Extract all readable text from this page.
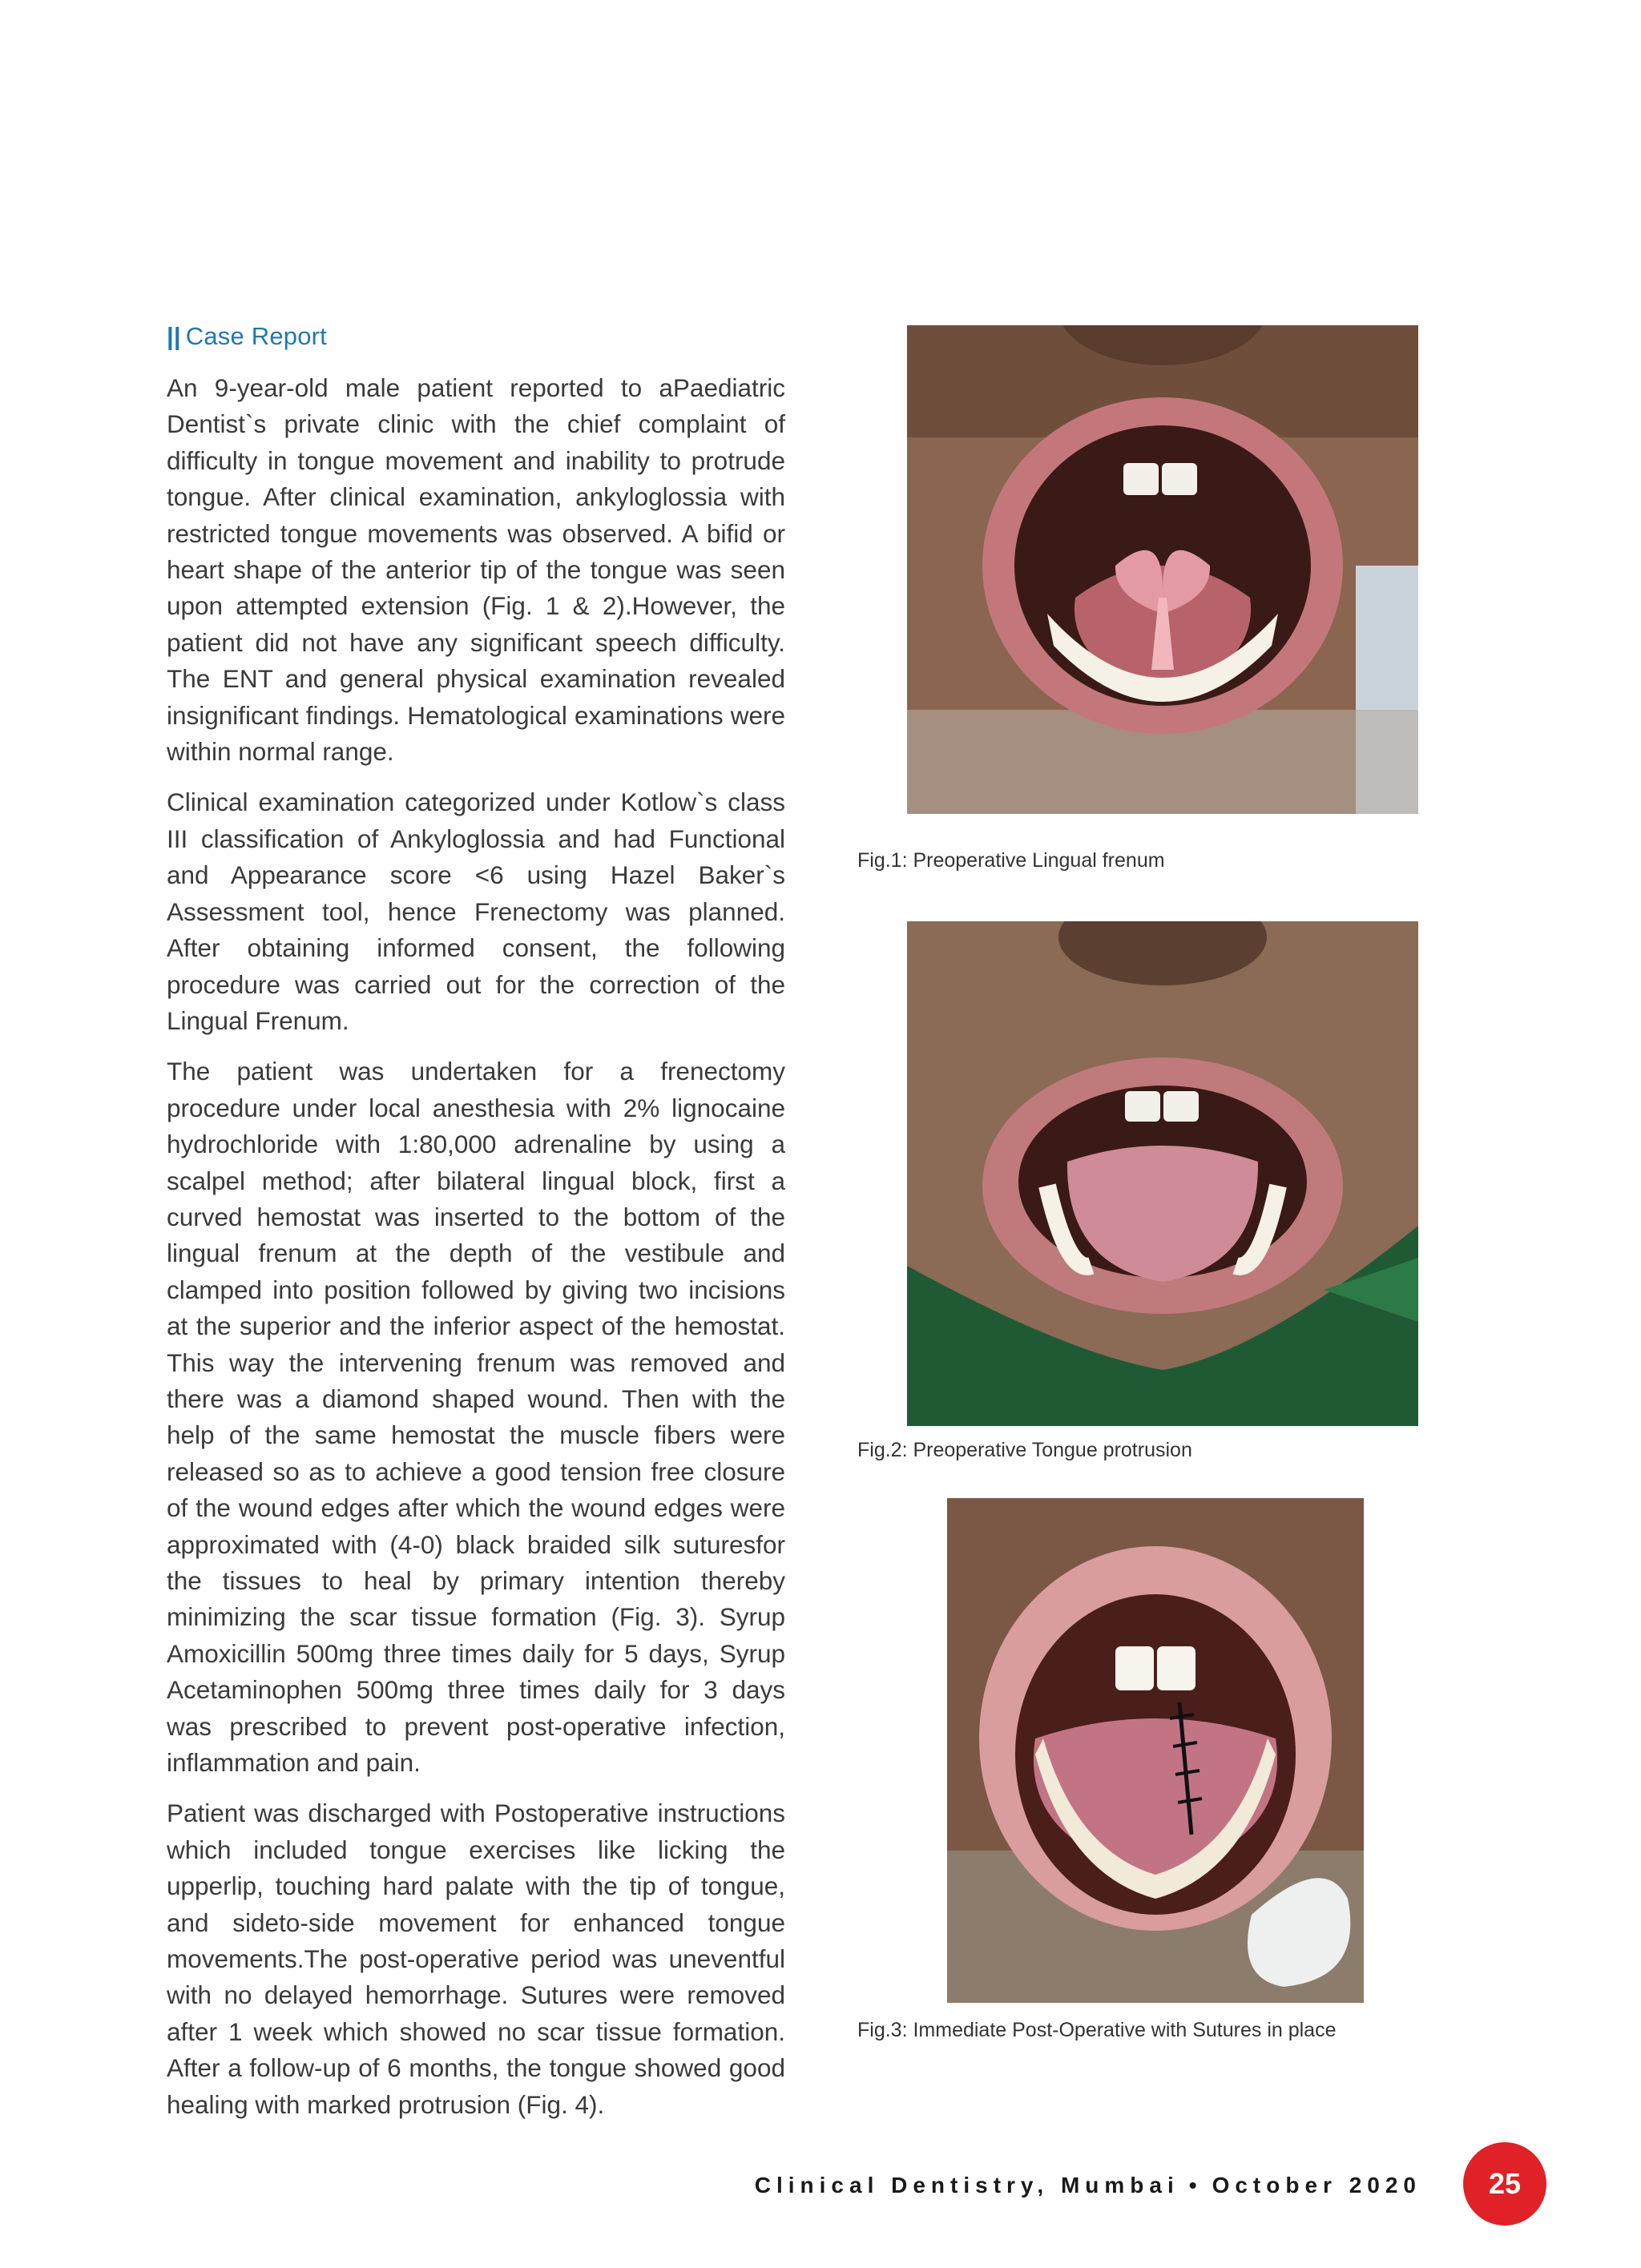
|| Case Report

An 9-year-old male patient reported to aPaediatric Dentist`s private clinic with the chief complaint of difficulty in tongue movement and inability to protrude tongue. After clinical examination, ankyloglossia with restricted tongue movements was observed. A bifid or heart shape of the anterior tip of the tongue was seen upon attempted extension (Fig. 1 & 2).However, the patient did not have any significant speech difficulty. The ENT and general physical examination revealed insignificant findings. Hematological examinations were within normal range.

Clinical examination categorized under Kotlow`s class III classification of Ankyloglossia and had Functional and Appearance score <6 using Hazel Baker`s Assessment tool, hence Frenectomy was planned. After obtaining informed consent, the following procedure was carried out for the correction of the Lingual Frenum.

The patient was undertaken for a frenectomy procedure under local anesthesia with 2% lignocaine hydrochloride with 1:80,000 adrenaline by using a scalpel method; after bilateral lingual block, first a curved hemostat was inserted to the bottom of the lingual frenum at the depth of the vestibule and clamped into position followed by giving two incisions at the superior and the inferior aspect of the hemostat. This way the intervening frenum was removed and there was a diamond shaped wound. Then with the help of the same hemostat the muscle fibers were released so as to achieve a good tension free closure of the wound edges after which the wound edges were approximated with (4-0) black braided silk suturesfor the tissues to heal by primary intention thereby minimizing the scar tissue formation (Fig. 3). Syrup Amoxicillin 500mg three times daily for 5 days, Syrup Acetaminophen 500mg three times daily for 3 days was prescribed to prevent post-operative infection, inflammation and pain.

Patient was discharged with Postoperative instructions which included tongue exercises like licking the upperlip, touching hard palate with the tip of tongue, and sideto-side movement for enhanced tongue movements.The post-operative period was uneventful with no delayed hemorrhage. Sutures were removed after 1 week which showed no scar tissue formation. After a follow-up of 6 months, the tongue showed good healing with marked protrusion (Fig. 4).

Fig.1: Preoperative Lingual frenum
Fig.2: Preoperative Tongue protrusion
Fig.3: Immediate Post-Operative with Sutures in place
Clinical Dentistry, Mumbai • October 2020 25
